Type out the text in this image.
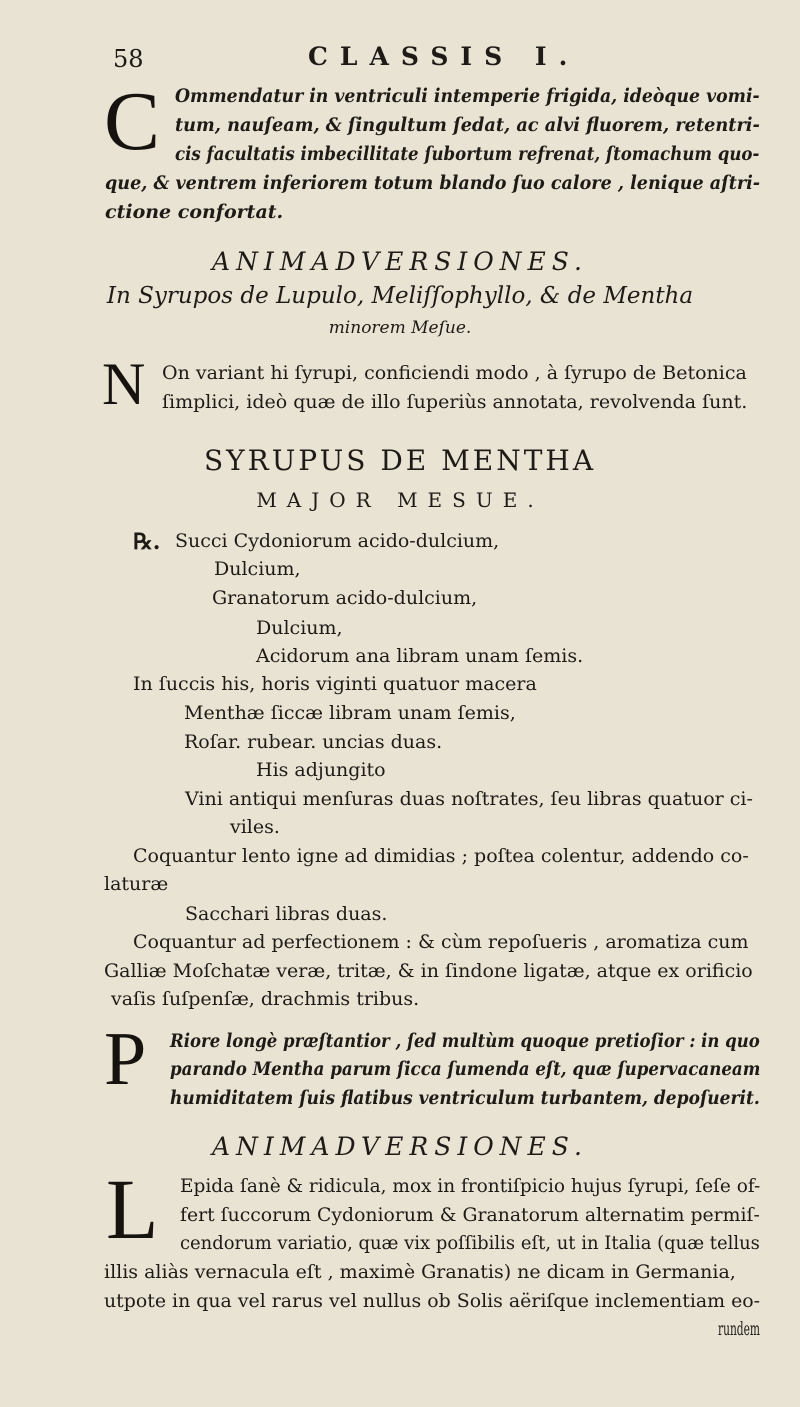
58	CLASSIS I.
C Ommendatur in ventriculi intemperie frigida, ideòque vomi-
tum, nauſeam, & ſingultum ſedat, ac alvi fluorem, retentri-
cis facultatis imbecillitate ſubortum refrenat, ſtomachum quo-
que, & ventrem inferiorem totum blando ſuo calore , lenique aſtri-
ctione confortat.
ANIMADVERSIONES.
In Syrupos de Lupulo, Meliſſophyllo, & de Mentha
minorem Meſue.
N On variant hi ſyrupi, conficiendi modo , à ſyrupo de Betonica
ſimplici, ideò quæ de illo ſuperiùs annotata, revolvenda ſunt.
SYRUPUS DE MENTHA
MAJOR MESUE.
℞. Succi Cydoniorum acido-dulcium,
Dulcium,
Granatorum acido-dulcium,
Dulcium,
Acidorum ana libram unam ſemis.
In ſuccis his, horis viginti quatuor macera
Menthæ ſiccæ libram unam ſemis,
Roſar. rubear. uncias duas.
His adjungito
Vini antiqui menſuras duas noſtrates, ſeu libras quatuor ci-
viles.
Coquantur lento igne ad dimidias ; poſtea colentur, addendo co-
laturæ
Sacchari libras duas.
Coquantur ad perfectionem : & cùm repoſueris , aromatiza cum
Galliæ Moſchatæ veræ, tritæ, & in ſindone ligatæ, atque ex orificio
vaſis ſuſpenſæ, drachmis tribus.
P Riore longè præſtantior , ſed multùm quoque pretioſior : in quo
parando Mentha parum ſicca ſumenda eſt, quæ ſupervacaneam
humiditatem ſuis flatibus ventriculum turbantem, depoſuerit.
ANIMADVERSIONES.
L Epida ſanè & ridicula, mox in frontiſpicio hujus ſyrupi, ſeſe of-
fert ſuccorum Cydoniorum & Granatorum alternatim permiſ-
cendorum variatio, quæ vix poſſibilis eſt, ut in Italia (quæ tellus
illis aliàs vernacula eſt , maximè Granatis) ne dicam in Germania,
utpote in qua vel rarus vel nullus ob Solis aëriſque inclementiam eo-
rundem
